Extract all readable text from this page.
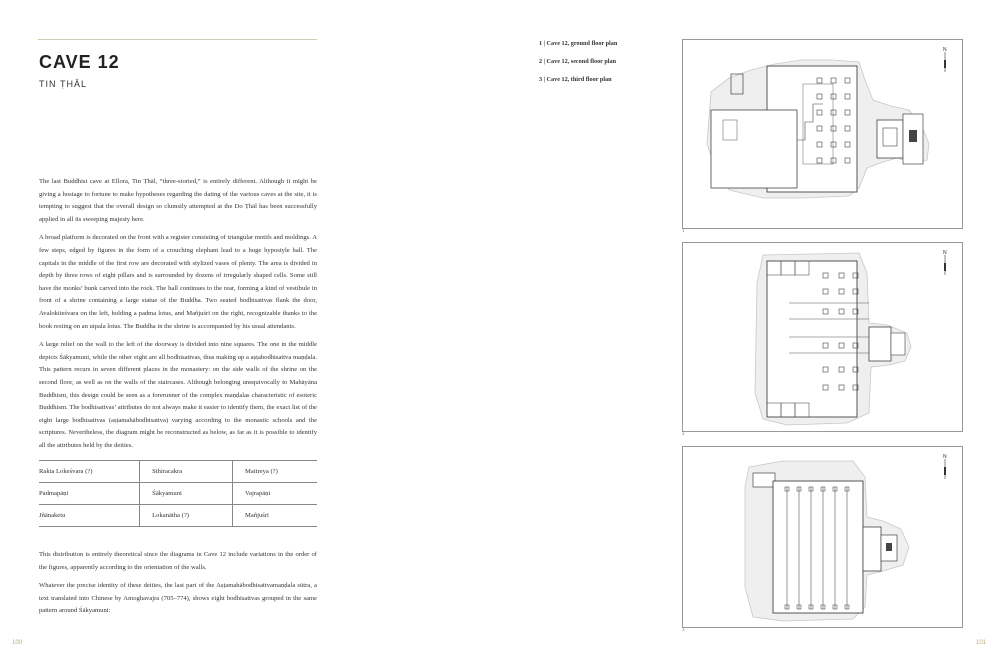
CAVE 12
TIN ṬHĀL

The last Buddhist cave at Ellora, Tin Ṭhāl, “three-storied,” is entirely different. Although it might be giving a hostage to fortune to make hypotheses regarding the dating of the various caves at the site, it is tempting to suggest that the overall design so clumsily attempted at the Do Ṭhāl has been successfully applied in all its sweeping majesty here.

A broad platform is decorated on the front with a register consisting of triangular motifs and moldings. A few steps, edged by figures in the form of a crouching elephant lead to a huge hypostyle hall. The capitals in the middle of the first row are decorated with stylized vases of plenty. The area is divided in depth by three rows of eight pillars and is surrounded by dozens of irregularly shaped cells. Some still have the monks’ bunk carved into the rock. The hall continues to the rear, forming a kind of vestibule in front of a shrine containing a large statue of the Buddha. Two seated bodhisattvas flank the door, Avalokiteśvara on the left, holding a padma lotus, and Mañjuśrī on the right, recognizable thanks to the book resting on an utpala lotus. The Buddha in the shrine is accompanied by his usual attendants.

A large relief on the wall to the left of the doorway is divided into nine squares. The one in the middle depicts Śākyamuni, while the other eight are all bodhisattvas, thus making up a aṣṭabodhisattva maṇḍala. This pattern recurs in seven different places in the monastery: on the side walls of the shrine on the second floor, as well as on the walls of the staircases. Although belonging unequivocally to Mahāyāna Buddhism, this design could be seen as a forerunner of the complex maṇḍalas characteristic of esoteric Buddhism. The bodhisattvas’ attributes do not always make it easier to identify them, the exact list of the eight large bodhisattvas (aṣṭamahābodhisattva) varying according to the monastic schools and the scriptures. Nevertheless, the diagram might be reconstructed as below, as far as it is possible to identify all the attributes held by the deities.

Rakta Lokeśvara (?)	Sthiracakra	Maitreya (?)
Padmapāṇi	Śākyamuni	Vajrapāṇi
Jñānaketu	Lokanātha (?)	Mañjuśrī

This distribution is entirely theoretical since the diagrams in Cave 12 include variations in the order of the figures, apparently according to the orientation of the walls.

Whatever the precise identity of these deities, the last part of the Aṣṭamahābodhisattvamaṇḍala sūtra, a text translated into Chinese by Amoghavajra (705–774), shows eight bodhisattvas grouped in the same pattern around Śākyamuni:

1 | Cave 12, ground floor plan

2 | Cave 12, second floor plan

3 | Cave 12, third floor plan

N
1
N
2
N
3
100	101
